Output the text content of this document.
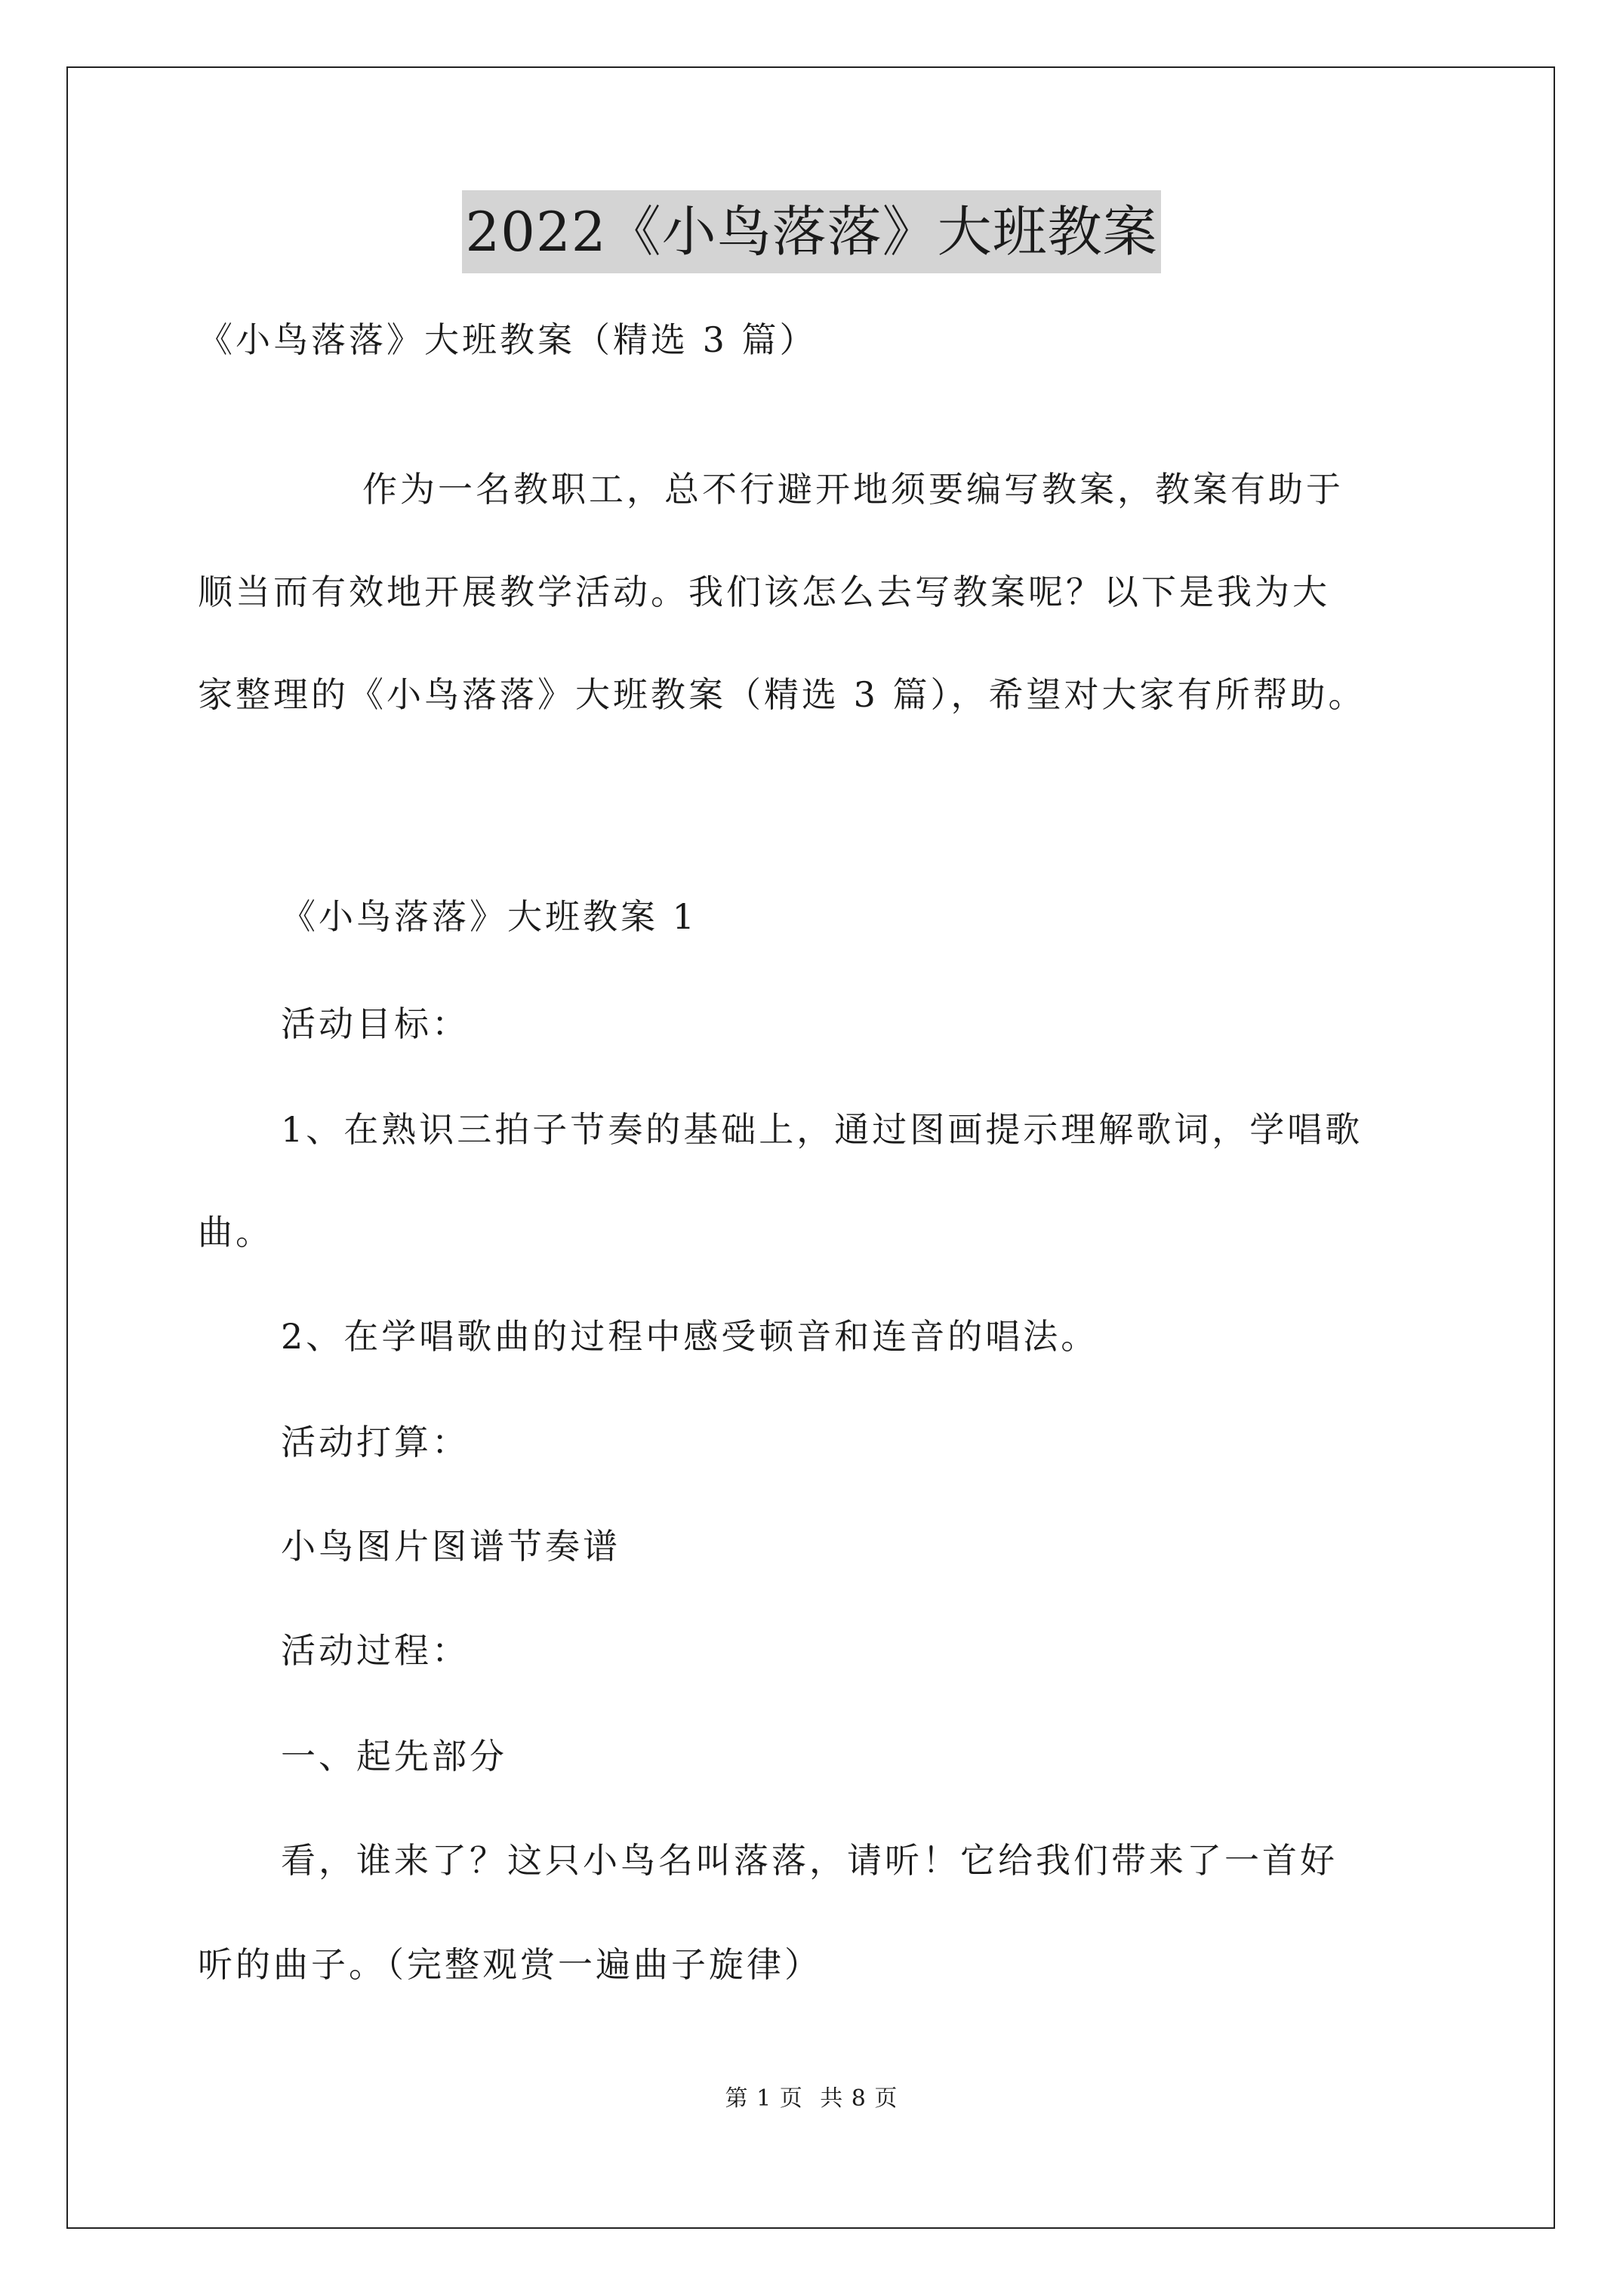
2022《小鸟落落》大班教案
《小鸟落落》大班教案（精选 3 篇）
作为一名教职工，总不行避开地须要编写教案，教案有助于
顺当而有效地开展教学活动。我们该怎么去写教案呢？以下是我为大
家整理的《小鸟落落》大班教案（精选 3 篇），希望对大家有所帮助。
《小鸟落落》大班教案 1
活动目标：
1、在熟识三拍子节奏的基础上，通过图画提示理解歌词，学唱歌
曲。
2、在学唱歌曲的过程中感受顿音和连音的唱法。
活动打算：
小鸟图片图谱节奏谱
活动过程：
一、起先部分
看，谁来了？这只小鸟名叫落落，请听！它给我们带来了一首好
听的曲子。（完整观赏一遍曲子旋律）
第 1 页 共 8 页
